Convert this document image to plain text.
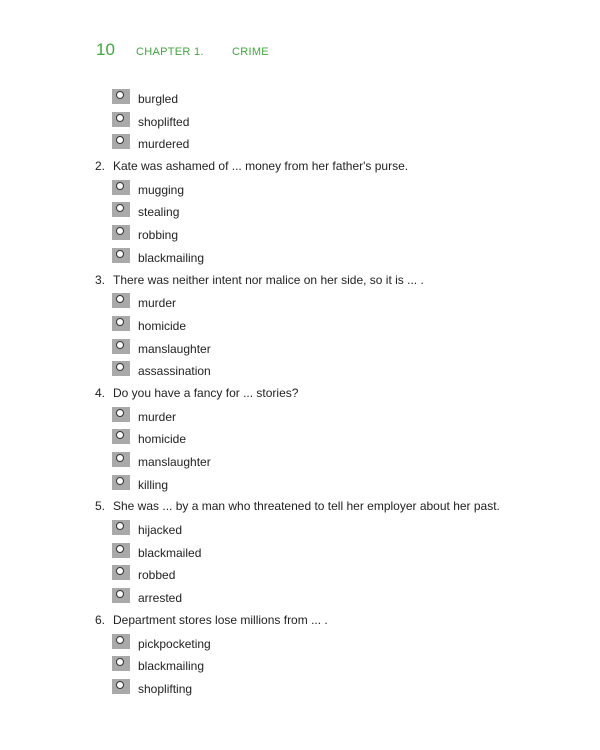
10 CHAPTER 1.	CRIME
burgled
shoplifted
murdered
2. Kate was ashamed of ... money from her father's purse.
mugging
stealing
robbing
blackmailing
3. There was neither intent nor malice on her side, so it is ... .
murder
homicide
manslaughter
assassination
4. Do you have a fancy for ... stories?
murder
homicide
manslaughter
killing
5. She was ... by a man who threatened to tell her employer about her past.
hijacked
blackmailed
robbed
arrested
6. Department stores lose millions from ... .
pickpocketing
blackmailing
shoplifting
